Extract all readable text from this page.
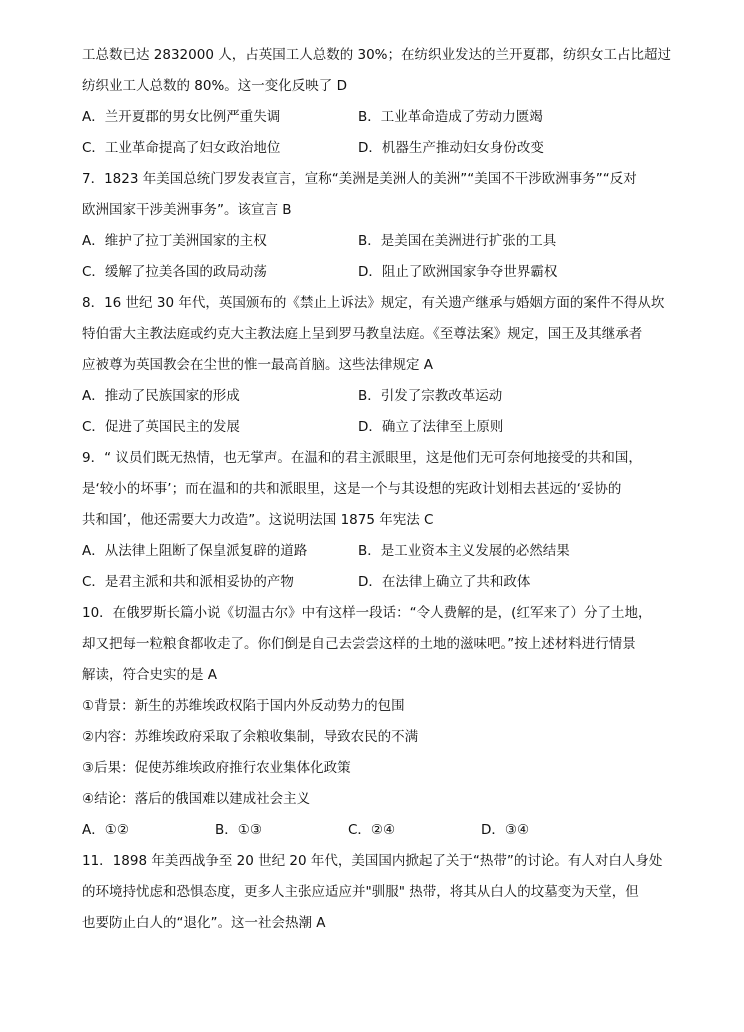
工总数已达 2832000 人，占英国工人总数的 30%；在纺织业发达的兰开夏郡，纺织女工占比超过
纺织业工人总数的 80%。这一变化反映了 D
A．兰开夏郡的男女比例严重失调	B．工业革命造成了劳动力匮竭
C．工业革命提高了妇女政治地位	D．机器生产推动妇女身份改变
7．1823 年美国总统门罗发表宣言，宣称“美洲是美洲人的美洲”“美国不干涉欧洲事务”“反对
欧洲国家干涉美洲事务”。该宣言 B
A．维护了拉丁美洲国家的主权	B．是美国在美洲进行扩张的工具
C．缓解了拉美各国的政局动荡	D．阻止了欧洲国家争夺世界霸权
8．16 世纪 30 年代，英国颁布的《禁止上诉法》规定，有关遗产继承与婚姻方面的案件不得从坎
特伯雷大主教法庭或约克大主教法庭上呈到罗马教皇法庭。《至尊法案》规定，国王及其继承者
应被尊为英国教会在尘世的惟一最高首脑。这些法律规定 A
A．推动了民族国家的形成	B．引发了宗教改革运动
C．促进了英国民主的发展	D．确立了法律至上原则
9．“ 议员们既无热情，也无掌声。在温和的君主派眼里，这是他们无可奈何地接受的共和国，
是‘较小的坏事’；而在温和的共和派眼里，这是一个与其设想的宪政计划相去甚远的‘妥协的
共和国’，他还需要大力改造”。这说明法国 1875 年宪法 C
A．从法律上阻断了保皇派复辟的道路	B．是工业资本主义发展的必然结果
C．是君主派和共和派相妥协的产物	D．在法律上确立了共和政体
10．在俄罗斯长篇小说《切温古尔》中有这样一段话：“令人费解的是，(红军来了）分了土地，
却又把每一粒粮食都收走了。你们倒是自己去尝尝这样的土地的滋味吧。”按上述材料进行情景
解读，符合史实的是 A
①背景：新生的苏维埃政权陷于国内外反动势力的包围
②内容：苏维埃政府采取了余粮收集制，导致农民的不满
③后果：促使苏维埃政府推行农业集体化政策
④结论：落后的俄国难以建成社会主义
A．①②	B．①③	C．②④	D．③④
11．1898 年美西战争至 20 世纪 20 年代，美国国内掀起了关于“热带”的讨论。有人对白人身处
的环境持忧虑和恐惧态度，更多人主张应适应并"驯服" 热带，将其从白人的坟墓变为天堂，但
也要防止白人的“退化”。这一社会热潮 A
